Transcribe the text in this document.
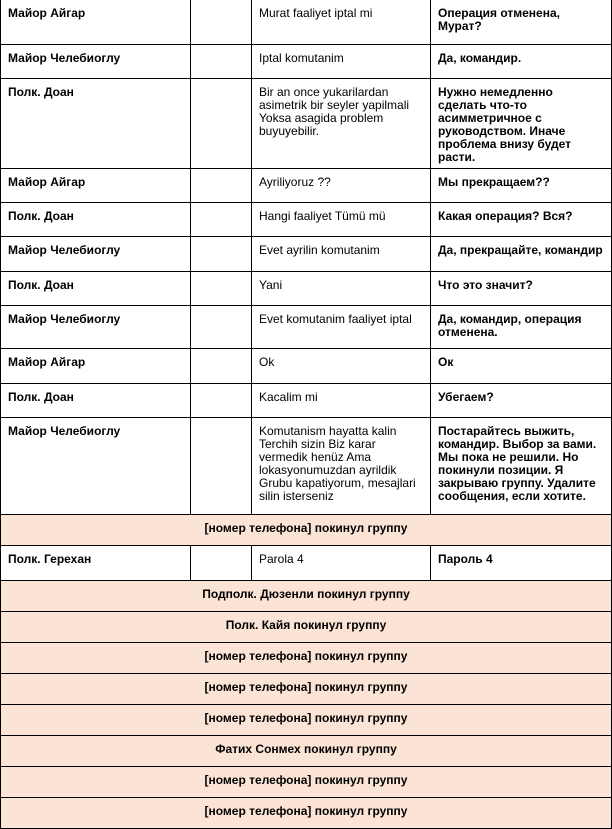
Майор Айгар		Murat faaliyet iptal mi	Операция отменена, Мурат?
Майор Челебиоглу		Iptal komutanim	Да, командир.
Полк. Доан		Bir an once yukarilardan asimetrik bir seyler yapilmali Yoksa asagida problem buyuyebilir.	Нужно немедленно сделать что-то асимметричное с руководством. Иначе проблема внизу будет расти.
Майор Айгар		Ayriliyoruz ??	Мы прекращаем??
Полк. Доан		Hangi faaliyet Tümü mü	Какая операция? Вся?
Майор Челебиоглу		Evet ayrilin komutanim	Да, прекращайте, командир
Полк. Доан		Yani	Что это значит?
Майор Челебиоглу		Evet komutanim faaliyet iptal	Да, командир, операция отменена.
Майор Айгар		Ok	Ок
Полк. Доан		Kacalim mi	Убегаем?
Майор Челебиоглу		Komutanism hayatta kalin Terchih sizin Biz karar vermedik henüz Ama lokasyonumuzdan ayrildik Grubu kapatiyorum, mesajlari silin isterseniz	Постарайтесь выжить, командир. Выбор за вами. Мы пока не решили. Но покинули позиции. Я закрываю группу. Удалите сообщения, если хотите.
[номер телефона] покинул группу			
Полк. Герехан		Parola 4	Пароль 4
Подполк. Дюзенли покинул группу			
Полк. Кайя покинул группу			
[номер телефона] покинул группу			
[номер телефона] покинул группу			
[номер телефона] покинул группу			
Фатих Сонмех покинул группу			
[номер телефона] покинул группу			
[номер телефона] покинул группу			
